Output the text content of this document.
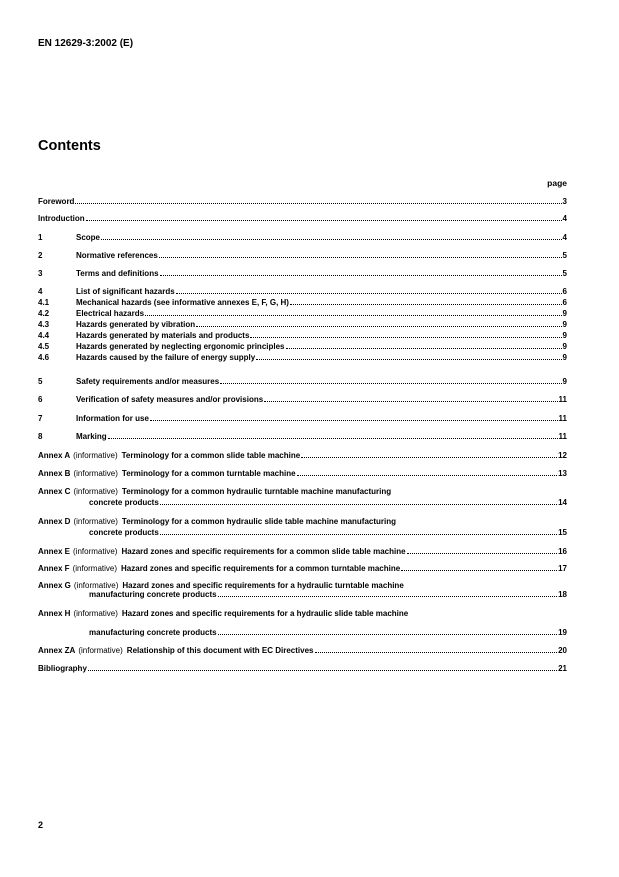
EN 12629-3:2002 (E)
Contents
page
Foreword	3
Introduction	4
1	Scope	4
2	Normative references	5
3	Terms and definitions	5
4	List of significant hazards	6
4.1	Mechanical hazards (see informative annexes E, F, G, H)	6
4.2	Electrical hazards	9
4.3	Hazards generated by vibration	9
4.4	Hazards generated by materials and products	9
4.5	Hazards generated by neglecting ergonomic principles	9
4.6	Hazards caused by the failure of energy supply	9
5	Safety requirements and/or measures	9
6	Verification of safety measures and/or provisions	11
7	Information for use	11
8	Marking	11
Annex A (informative) Terminology for a common slide table machine	12
Annex B (informative) Terminology for a common turntable machine	13
Annex C (informative) Terminology for a common hydraulic turntable machine manufacturing
concrete products	14
Annex D (informative) Terminology for a common hydraulic slide table machine manufacturing
concrete products	15
Annex E (informative) Hazard zones and specific requirements for a common slide table machine	16
Annex F (informative) Hazard zones and specific requirements for a common turntable machine	17
Annex G (informative) Hazard zones and specific requirements for a hydraulic turntable machine
manufacturing concrete products	18
Annex H (informative) Hazard zones and specific requirements for a hydraulic slide table machine
manufacturing concrete products	19
Annex ZA (informative) Relationship of this document with EC Directives	20
Bibliography	21
2
